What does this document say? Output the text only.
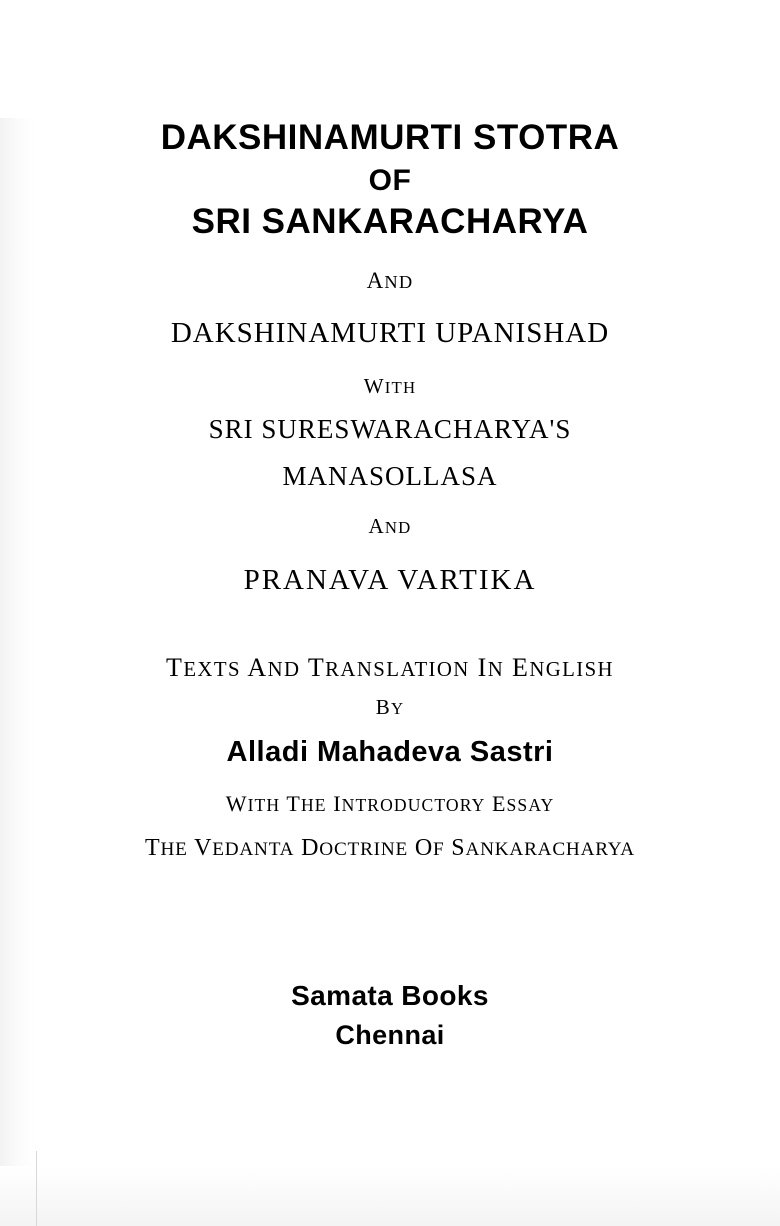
DAKSHINAMURTI STOTRA

OF

SRI SANKARACHARYA

AND

DAKSHINAMURTI UPANISHAD

WITH

SRI SURESWARACHARYA'S

MANASOLLASA

AND

PRANAVA VARTIKA

TEXTS AND TRANSLATION IN ENGLISH

BY

Alladi Mahadeva Sastri

WITH THE INTRODUCTORY ESSAY

THE VEDANTA DOCTRINE OF SANKARACHARYA

Samata Books

Chennai
